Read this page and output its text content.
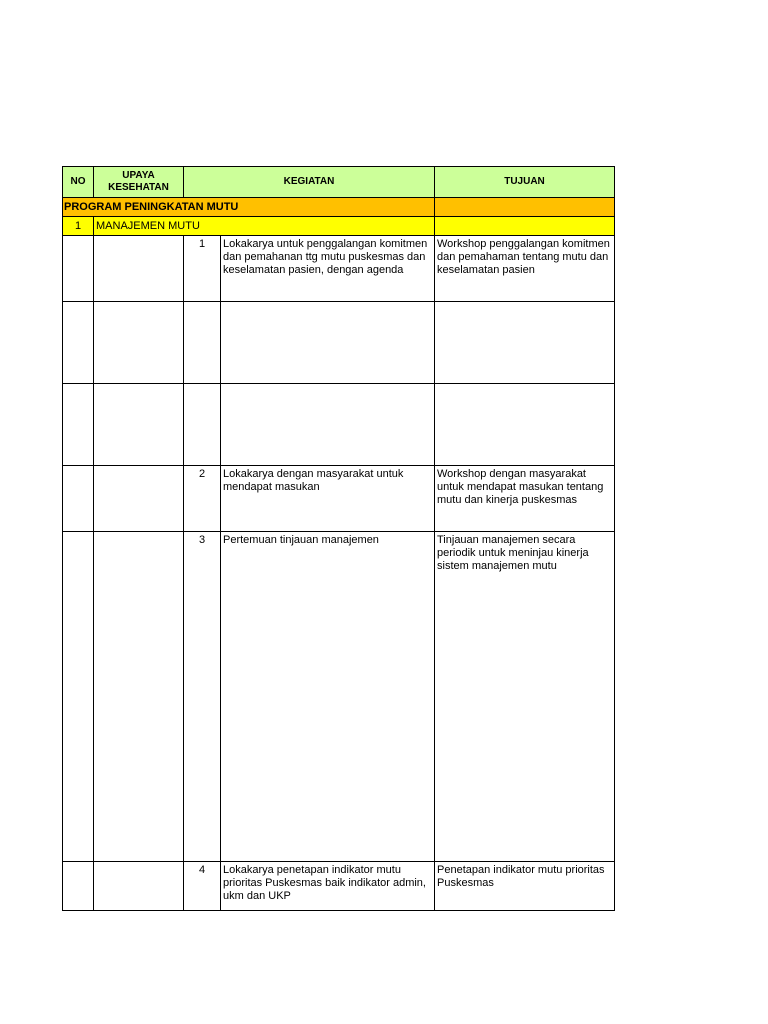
NO	UPAYA KESEHATAN	KEGIATAN		TUJUAN
PROGRAM PENINGKATAN MUTU				
1	MANAJEMEN MUTU			
		1	Lokakarya untuk penggalangan komitmen dan pemahanan ttg mutu puskesmas dan keselamatan pasien, dengan agenda	Workshop penggalangan komitmen dan pemahaman tentang mutu dan keselamatan pasien

		2	Lokakarya dengan masyarakat untuk mendapat masukan	Workshop dengan masyarakat untuk mendapat masukan tentang mutu dan kinerja puskesmas
		3	Pertemuan tinjauan manajemen	Tinjauan manajemen secara periodik untuk meninjau kinerja sistem manajemen mutu
		4	Lokakarya penetapan indikator mutu prioritas Puskesmas baik indikator admin, ukm dan UKP	Penetapan indikator mutu prioritas Puskesmas
